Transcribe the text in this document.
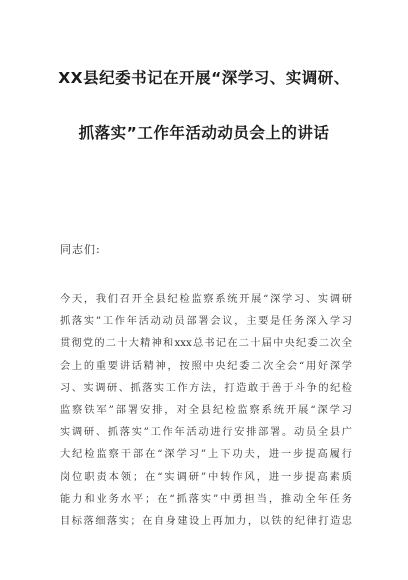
XX县纪委书记在开展“深学习、实调研、
抓落实”工作年活动动员会上的讲话
同志们:
今天，我们召开全县纪检监察系统开展“深学习、实调研
抓落实”工作年活动动员部署会议，主要是任务深入学习
贯彻党的二十大精神和xxx总书记在二十届中央纪委二次全
会上的重要讲话精神，按照中央纪委二次全会“用好深学
习、实调研、抓落实工作方法，打造敢于善于斗争的纪检
监察铁军”部署安排，对全县纪检监察系统开展“深学习
实调研、抓落实”工作年活动进行安排部署。动员全县广
大纪检监察干部在“深学习”上下功夫，进一步提高履行
岗位职责本领；在“实调研”中转作风，进一步提高素质
能力和业务水平；在“抓落实”中勇担当，推动全年任务
目标落细落实；在自身建设上再加力，以铁的纪律打造忠
